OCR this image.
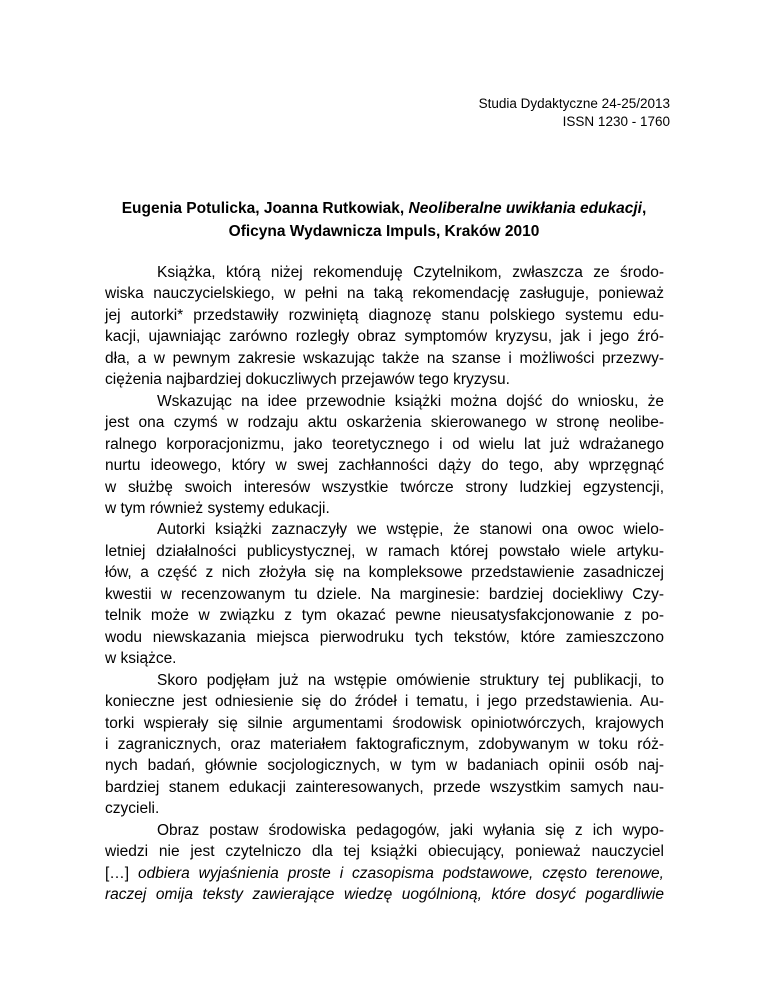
Studia Dydaktyczne 24-25/2013
ISSN 1230 - 1760
Eugenia Potulicka, Joanna Rutkowiak, Neoliberalne uwikłania edukacji,
Oficyna Wydawnicza Impuls, Kraków 2010
Książka, którą niżej rekomenduję Czytelnikom, zwłaszcza ze środo-
wiska nauczycielskiego, w pełni na taką rekomendację zasługuje, ponieważ
jej autorki* przedstawiły rozwiniętą diagnozę stanu polskiego systemu edu-
kacji, ujawniając zarówno rozległy obraz symptomów kryzysu, jak i jego źró-
dła, a w pewnym zakresie wskazując także na szanse i możliwości przezwy-
ciężenia najbardziej dokuczliwych przejawów tego kryzysu.
Wskazując na idee przewodnie książki można dojść do wniosku, że
jest ona czymś w rodzaju aktu oskarżenia skierowanego w stronę neolibe-
ralnego korporacjonizmu, jako teoretycznego i od wielu lat już wdrażanego
nurtu ideowego, który w swej zachłanności dąży do tego, aby wprzęgnąć
w służbę swoich interesów wszystkie twórcze strony ludzkiej egzystencji,
w tym również systemy edukacji.
Autorki książki zaznaczyły we wstępie, że stanowi ona owoc wielo-
letniej działalności publicystycznej, w ramach której powstało wiele artyku-
łów, a część z nich złożyła się na kompleksowe przedstawienie zasadniczej
kwestii w recenzowanym tu dziele. Na marginesie: bardziej dociekliwy Czy-
telnik może w związku z tym okazać pewne nieusatysfakcjonowanie z po-
wodu niewskazania miejsca pierwodruku tych tekstów, które zamieszczono
w książce.
Skoro podjęłam już na wstępie omówienie struktury tej publikacji, to
konieczne jest odniesienie się do źródeł i tematu, i jego przedstawienia. Au-
torki wspierały się silnie argumentami środowisk opiniotwórczych, krajowych
i zagranicznych, oraz materiałem faktograficznym, zdobywanym w toku róż-
nych badań, głównie socjologicznych, w tym w badaniach opinii osób naj-
bardziej stanem edukacji zainteresowanych, przede wszystkim samych nau-
czycieli.
Obraz postaw środowiska pedagogów, jaki wyłania się z ich wypo-
wiedzi nie jest czytelniczo dla tej książki obiecujący, ponieważ nauczyciel
[…] odbiera wyjaśnienia proste i czasopisma podstawowe, często terenowe,
raczej omija teksty zawierające wiedzę uogólnioną, które dosyć pogardliwie
